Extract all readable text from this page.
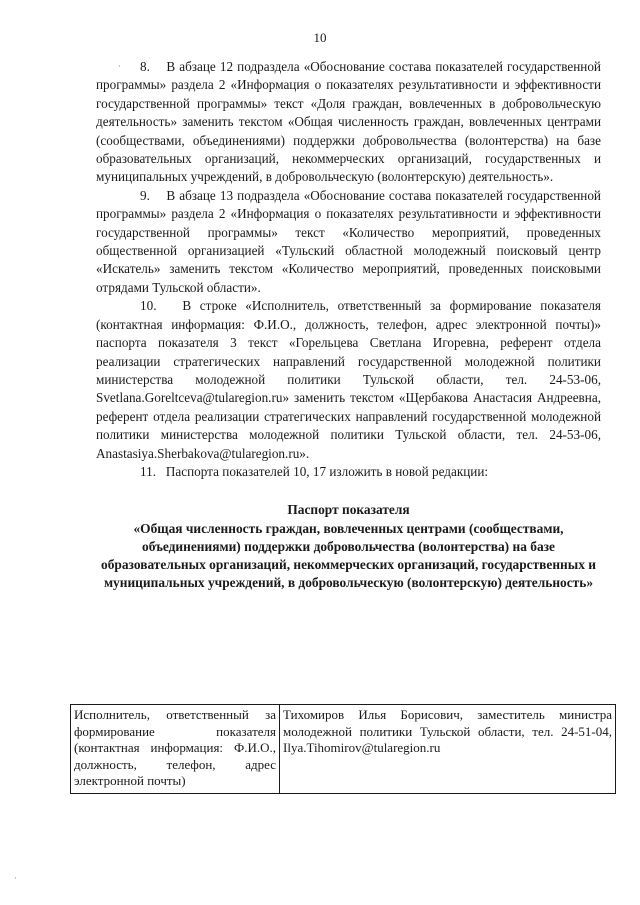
10

8.    В абзаце 12 подраздела «Обоснование состава показателей государственной программы» раздела 2 «Информация о показателях результативности и эффективности государственной программы» текст «Доля граждан, вовлеченных в добровольческую деятельность» заменить текстом «Общая численность граждан, вовлеченных центрами (сообществами, объединениями) поддержки добровольчества (волонтерства) на базе образовательных организаций, некоммерческих организаций, государственных и муниципальных учреждений, в добровольческую (волонтерскую) деятельность».

9.    В абзаце 13 подраздела «Обоснование состава показателей государственной программы» раздела 2 «Информация о показателях результативности и эффективности государственной программы» текст «Количество мероприятий, проведенных общественной организацией «Тульский областной молодежный поисковый центр «Искатель» заменить текстом «Количество мероприятий, проведенных поисковыми отрядами Тульской области».

10.   В строке «Исполнитель, ответственный за формирование показателя (контактная информация: Ф.И.О., должность, телефон, адрес электронной почты)» паспорта показателя 3 текст «Горельцева Светлана Игоревна, референт отдела реализации стратегических направлений государственной молодежной политики министерства молодежной политики Тульской области, тел. 24-53-06, Svetlana.Goreltceva@tularegion.ru» заменить текстом «Щербакова Анастасия Андреевна, референт отдела реализации стратегических направлений государственной молодежной политики министерства молодежной политики Тульской области, тел. 24-53-06, Anastasiya.Sherbakova@tularegion.ru».

11.   Паспорта показателей 10, 17 изложить в новой редакции:

Паспорт показателя
«Общая численность граждан, вовлеченных центрами (сообществами, объединениями) поддержки добровольчества (волонтерства) на базе образовательных организаций, некоммерческих организаций, государственных и муниципальных учреждений, в добровольческую (волонтерскую) деятельность»
Исполнитель, ответственный за формирование показателя (контактная информация: Ф.И.О., должность, телефон, адрес электронной почты)	Тихомиров Илья Борисович, заместитель министра молодежной политики Тульской области, тел. 24-51-04, Ilya.Tihomirov@tularegion.ru
·
·
